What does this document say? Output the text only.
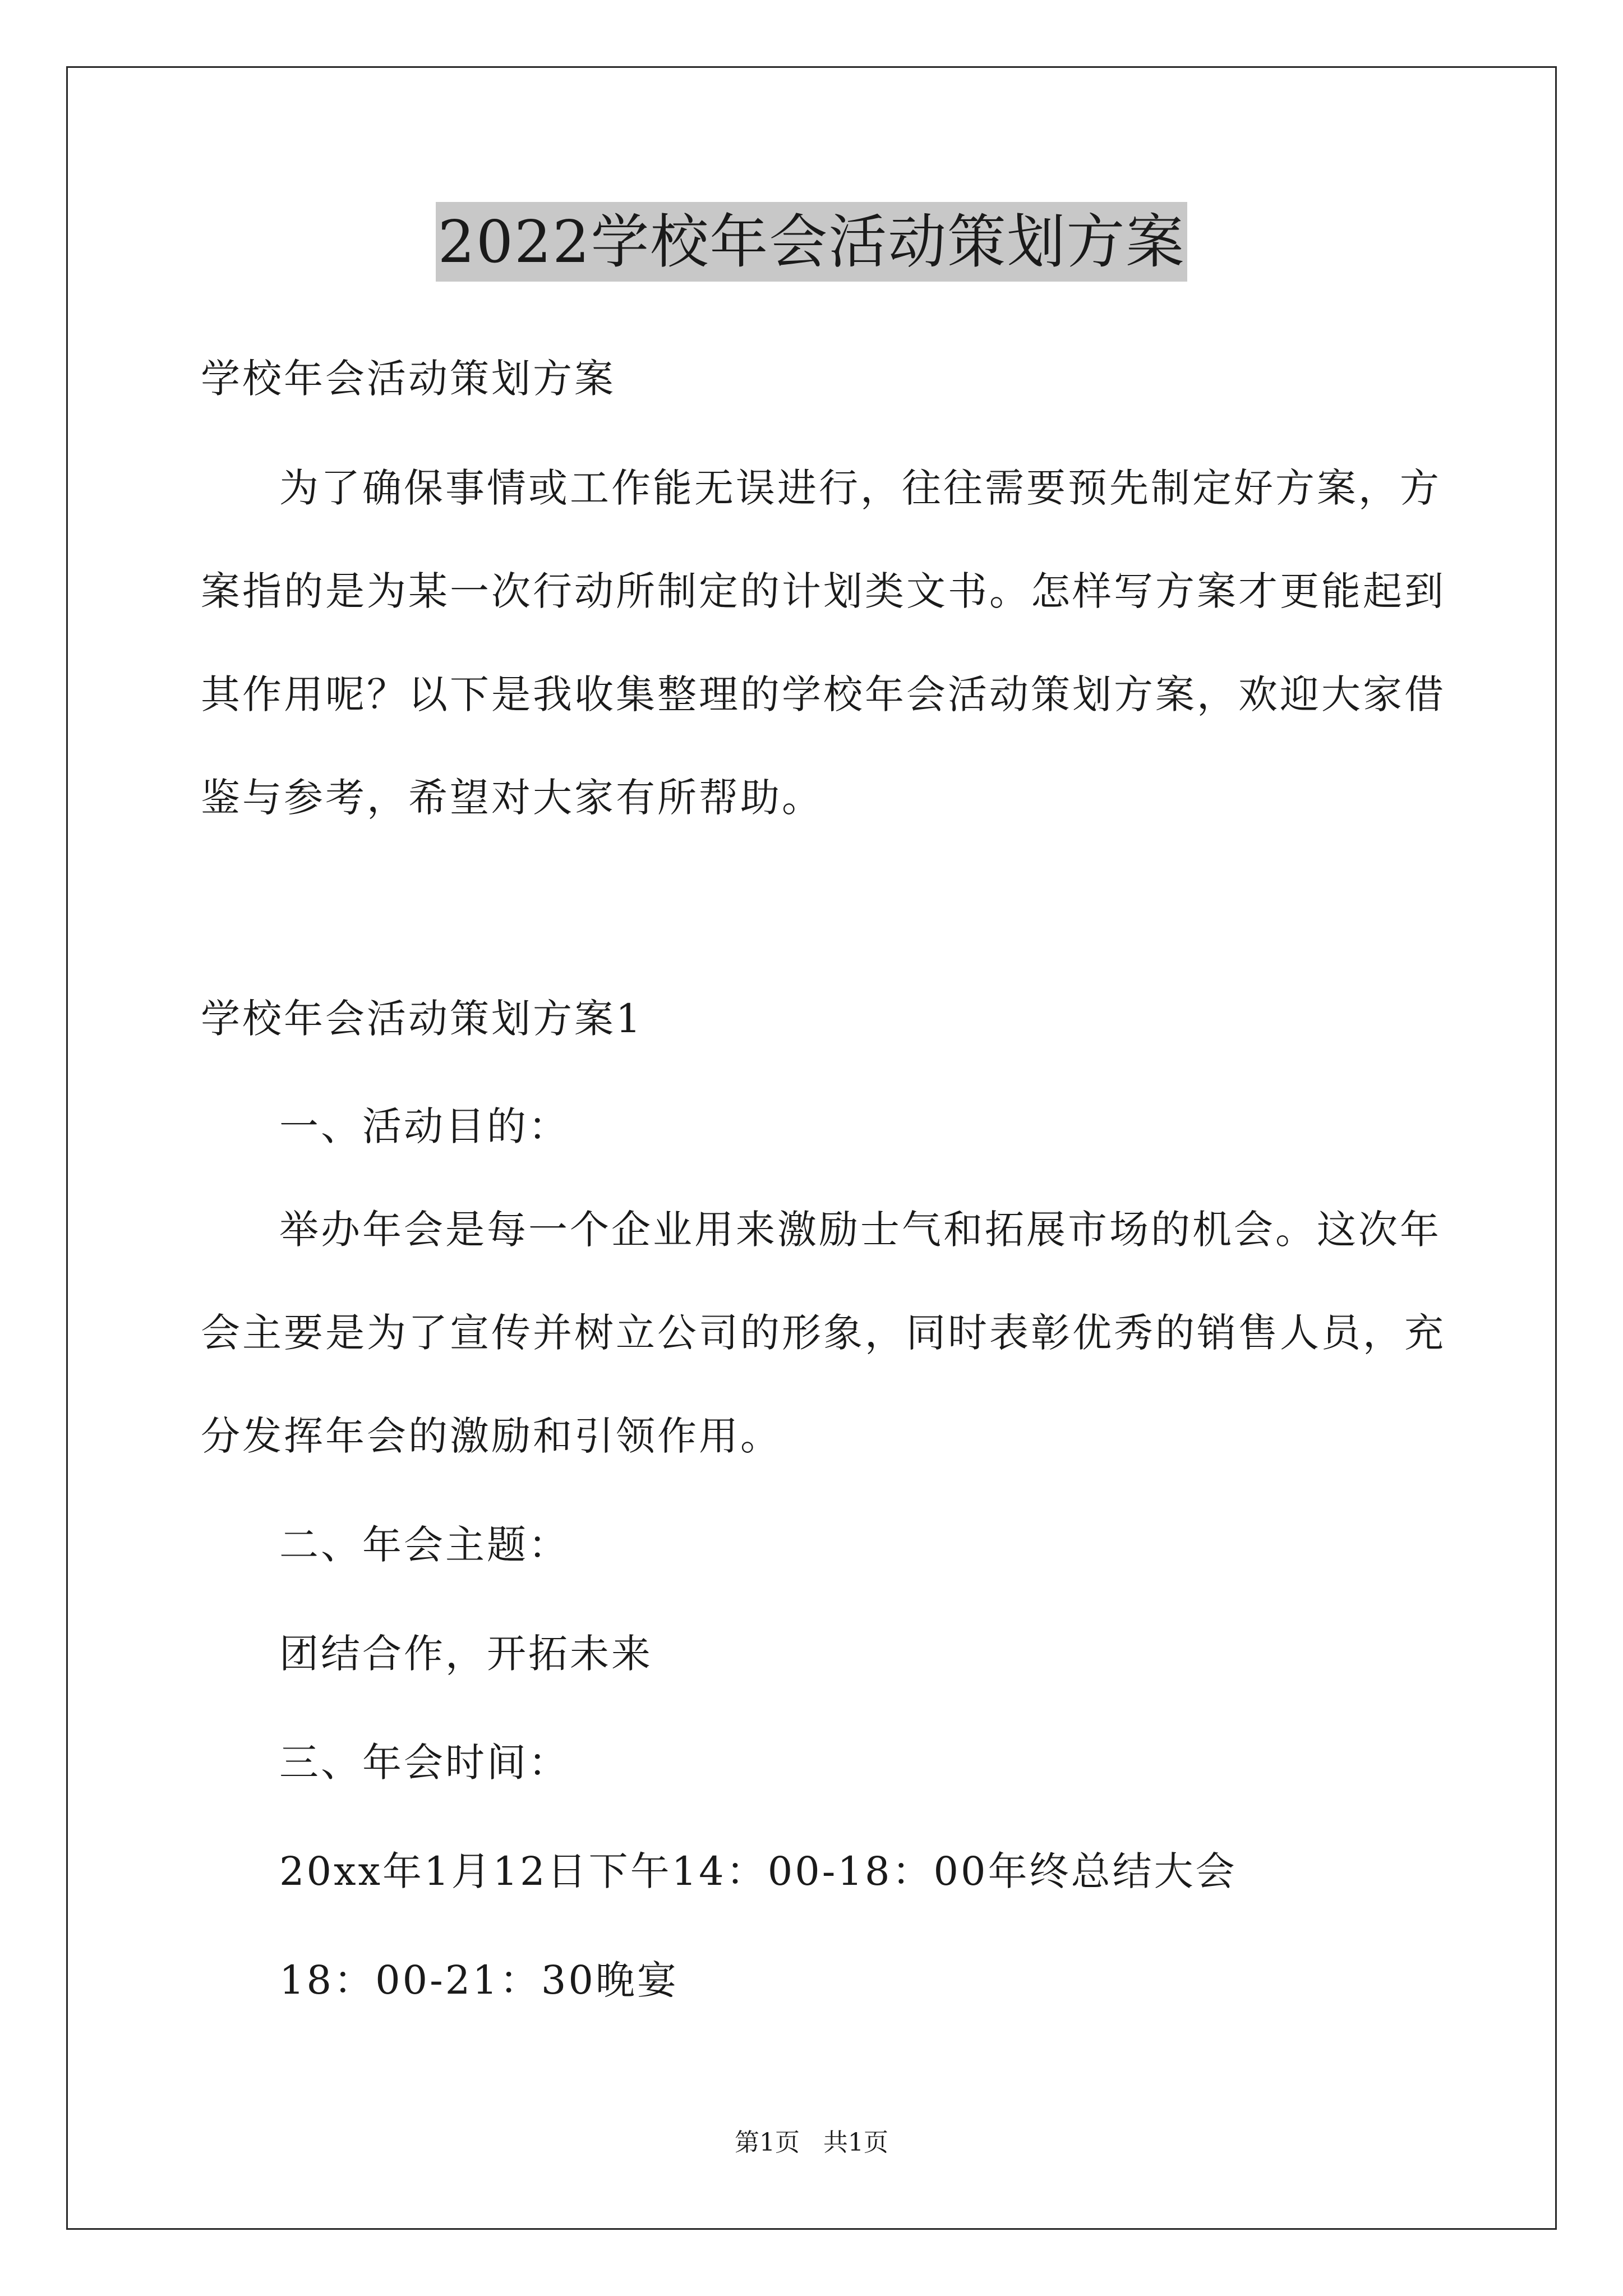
2022学校年会活动策划方案
学校年会活动策划方案
为了确保事情或工作能无误进行，往往需要预先制定好方案，方
案指的是为某一次行动所制定的计划类文书。怎样写方案才更能起到
其作用呢？以下是我收集整理的学校年会活动策划方案，欢迎大家借
鉴与参考，希望对大家有所帮助。
学校年会活动策划方案1
一、活动目的：
举办年会是每一个企业用来激励士气和拓展市场的机会。这次年
会主要是为了宣传并树立公司的形象，同时表彰优秀的销售人员，充
分发挥年会的激励和引领作用。
二、年会主题：
团结合作，开拓未来
三、年会时间：
20xx年1月12日下午14：00-18：00年终总结大会
18：00-21：30晚宴
第1页   共1页
